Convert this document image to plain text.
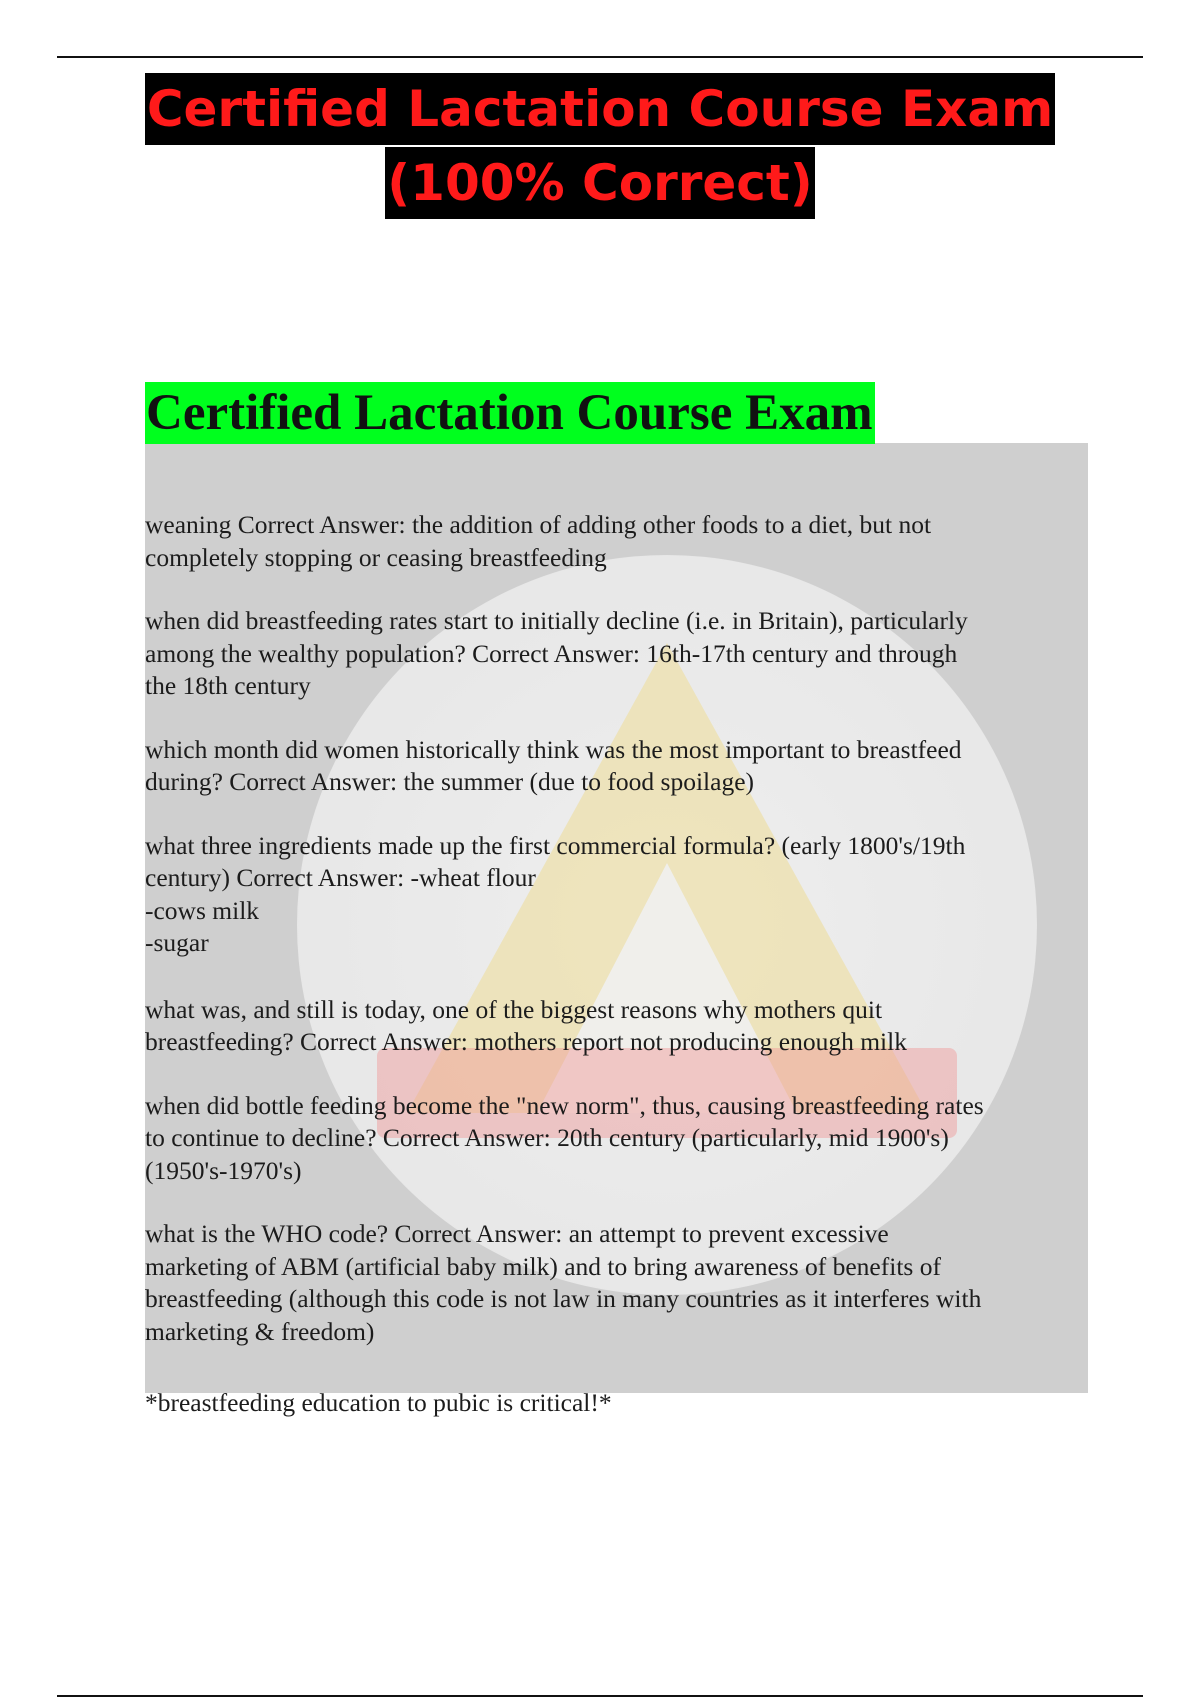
Certified Lactation Course Exam
(100% Correct)
Certified Lactation Course Exam
weaning Correct Answer: the addition of adding other foods to a diet, but not
completely stopping or ceasing breastfeeding
when did breastfeeding rates start to initially decline (i.e. in Britain), particularly
among the wealthy population? Correct Answer: 16th-17th century and through
the 18th century
which month did women historically think was the most important to breastfeed
during? Correct Answer: the summer (due to food spoilage)
what three ingredients made up the first commercial formula? (early 1800's/19th
century) Correct Answer: -wheat flour
-cows milk
-sugar
what was, and still is today, one of the biggest reasons why mothers quit
breastfeeding? Correct Answer: mothers report not producing enough milk
when did bottle feeding become the "new norm", thus, causing breastfeeding rates
to continue to decline? Correct Answer: 20th century (particularly, mid 1900's)
(1950's-1970's)
what is the WHO code? Correct Answer: an attempt to prevent excessive
marketing of ABM (artificial baby milk) and to bring awareness of benefits of
breastfeeding (although this code is not law in many countries as it interferes with
marketing & freedom)
*breastfeeding education to pubic is critical!*
